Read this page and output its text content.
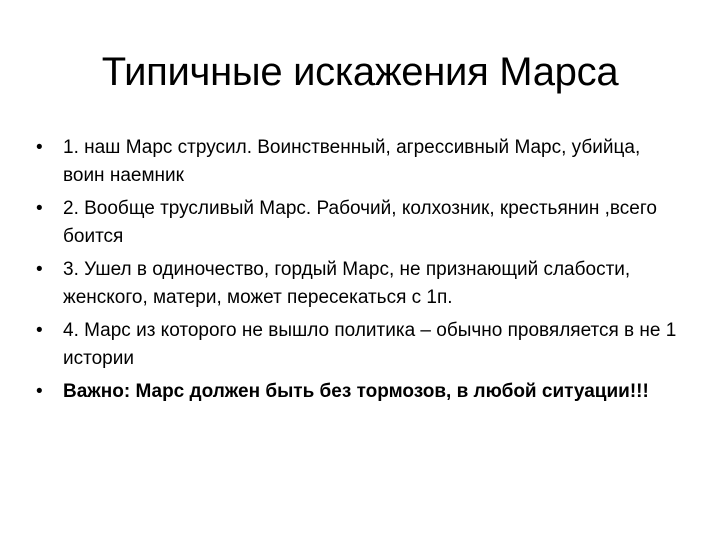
Типичные искажения Марса
•	1. наш Марс струсил. Воинственный, агрессивный Марс, убийца, воин наемник
•	2. Вообще трусливый Марс. Рабочий, колхозник, крестьянин ,всего боится
•	3. Ушел в одиночество, гордый Марс, не признающий слабости, женского, матери, может пересекаться с 1п.
•	4. Марс из которого не вышло политика – обычно провяляется в не 1 истории
•	Важно: Марс должен быть без тормозов, в любой ситуации!!!
